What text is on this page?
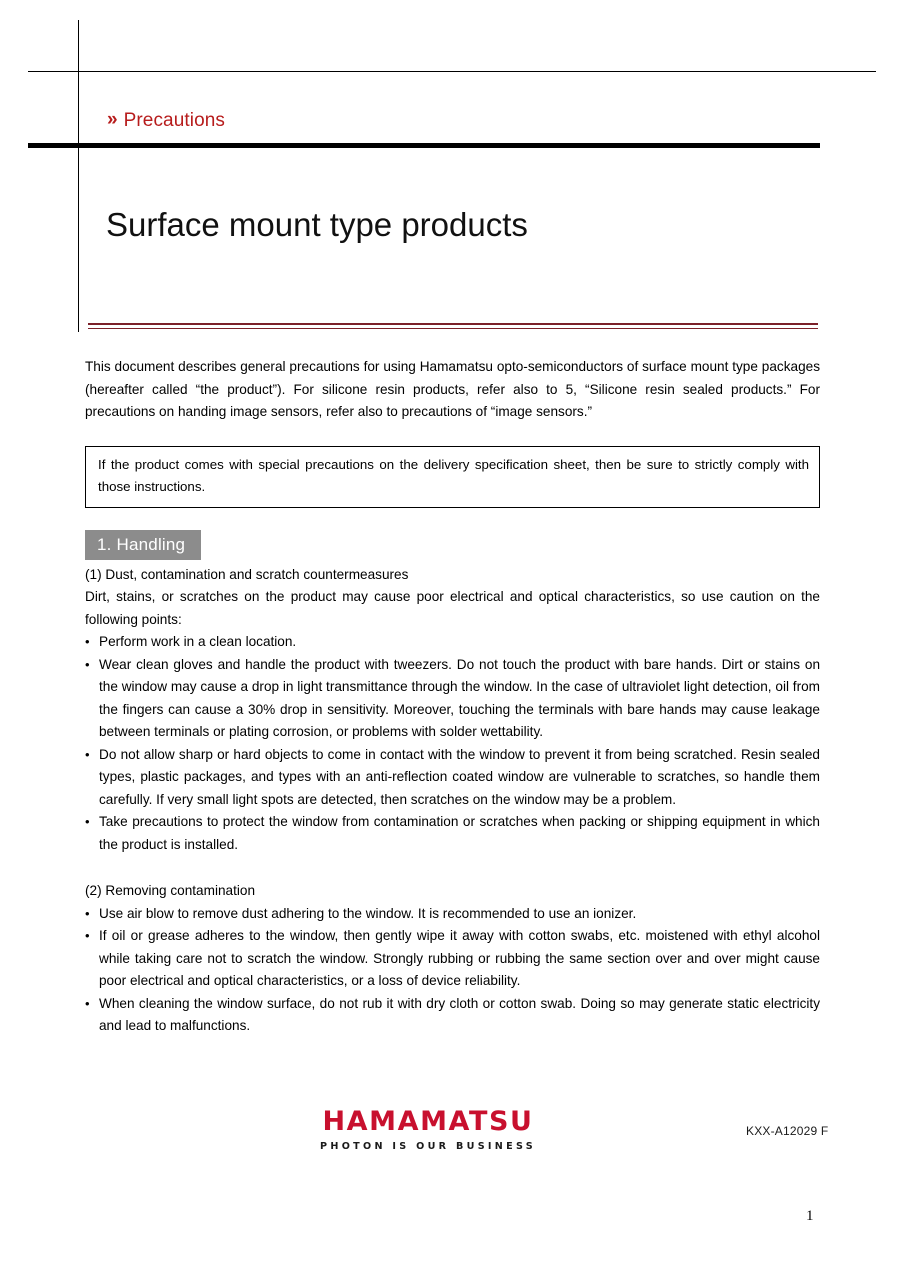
» Precautions
Surface mount type products

This document describes general precautions for using Hamamatsu opto-semiconductors of surface mount type packages (hereafter called “the product”). For silicone resin products, refer also to 5, “Silicone resin sealed products.” For precautions on handing image sensors, refer also to precautions of “image sensors.”

If the product comes with special precautions on the delivery specification sheet, then be sure to strictly comply with those instructions.
1. Handling

(1) Dust, contamination and scratch countermeasures

Dirt, stains, or scratches on the product may cause poor electrical and optical characteristics, so use caution on the following points:

• Perform work in a clean location.
• Wear clean gloves and handle the product with tweezers. Do not touch the product with bare hands. Dirt or stains on the window may cause a drop in light transmittance through the window. In the case of ultraviolet light detection, oil from the fingers can cause a 30% drop in sensitivity. Moreover, touching the terminals with bare hands may cause leakage between terminals or plating corrosion, or problems with solder wettability.
• Do not allow sharp or hard objects to come in contact with the window to prevent it from being scratched. Resin sealed types, plastic packages, and types with an anti-reflection coated window are vulnerable to scratches, so handle them carefully. If very small light spots are detected, then scratches on the window may be a problem.
• Take precautions to protect the window from contamination or scratches when packing or shipping equipment in which the product is installed.

(2) Removing contamination

• Use air blow to remove dust adhering to the window. It is recommended to use an ionizer.
• If oil or grease adheres to the window, then gently wipe it away with cotton swabs, etc. moistened with ethyl alcohol while taking care not to scratch the window. Strongly rubbing or rubbing the same section over and over might cause poor electrical and optical characteristics, or a loss of device reliability.
• When cleaning the window surface, do not rub it with dry cloth or cotton swab. Doing so may generate static electricity and lead to malfunctions.
HAMAMATSU
PHOTON IS OUR BUSINESS
KXX-A12029 F
1
